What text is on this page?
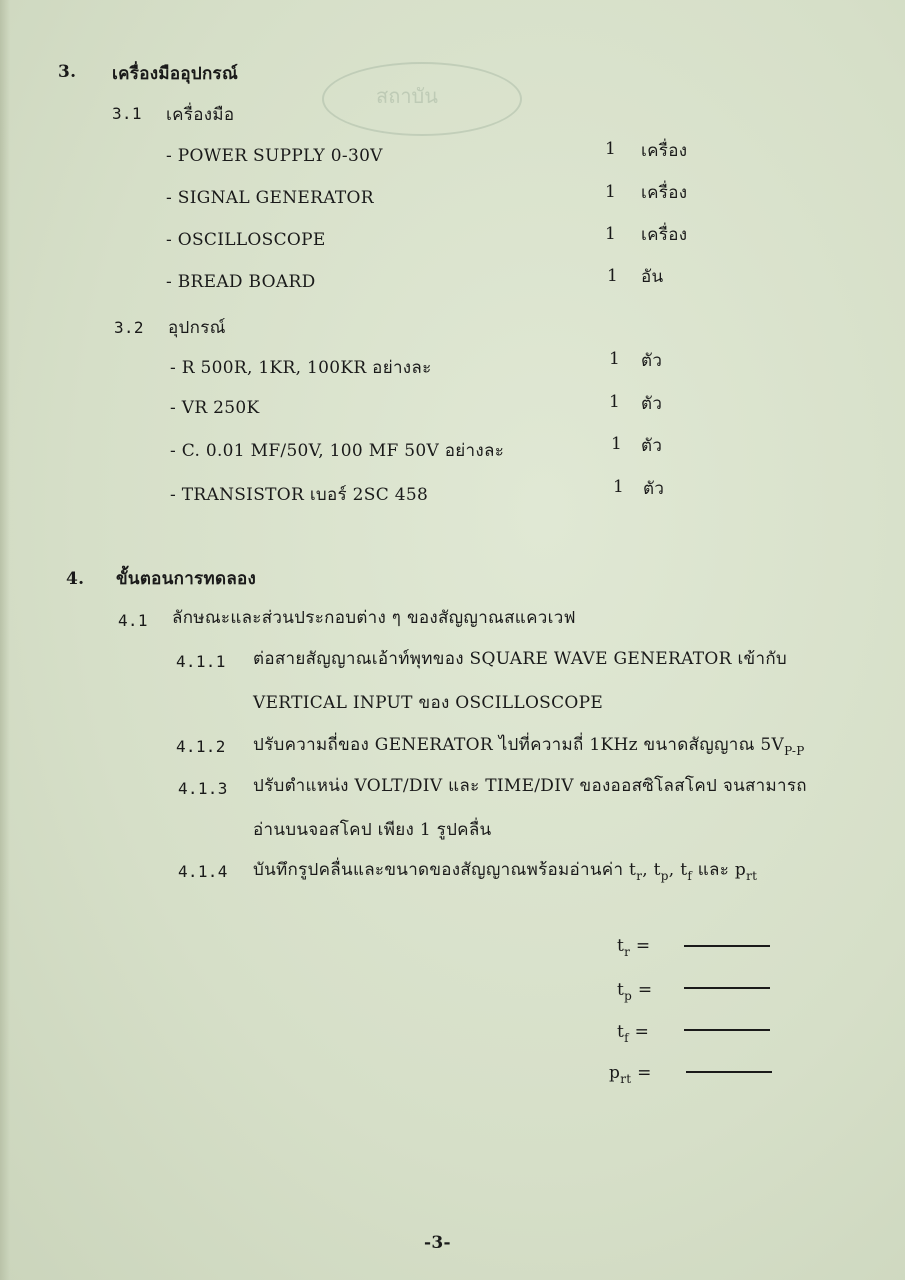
สถาบัน
3. เครื่องมืออุปกรณ์
3.1 เครื่องมือ
- POWER SUPPLY 0-30V	1 เครื่อง
- SIGNAL GENERATOR	1 เครื่อง
- OSCILLOSCOPE	1 เครื่อง
- BREAD BOARD	1 อัน
3.2 อุปกรณ์
- R 500R, 1KR, 100KR อย่างละ	1 ตัว
- VR 250K	1 ตัว
- C. 0.01 MF/50V, 100 MF 50V อย่างละ	1 ตัว
- TRANSISTOR เบอร์ 2SC 458	1 ตัว
4. ขั้นตอนการทดลอง
4.1 ลักษณะและส่วนประกอบต่าง ๆ ของสัญญาณสแควเวฟ
4.1.1 ต่อสายสัญญาณเอ้าท์พุทของ SQUARE WAVE GENERATOR เข้ากับ
VERTICAL INPUT ของ OSCILLOSCOPE
4.1.2 ปรับความถี่ของ GENERATOR ไปที่ความถี่ 1KHz ขนาดสัญญาณ $5V_{P-P}$
4.1.3 ปรับตำแหน่ง VOLT/DIV และ TIME/DIV ของออสซิโลสโคป จนสามารถ
อ่านบนจอสโคป เพียง 1 รูปคลื่น
4.1.4 บันทึกรูปคลื่นและขนาดของสัญญาณพร้อมอ่านค่า $t_r$, $t_p$, $t_f$ และ $p_{rt}$
$t_r$ =
$t_p$ =
$t_f$ =
$p_{rt}$ =
-3-
